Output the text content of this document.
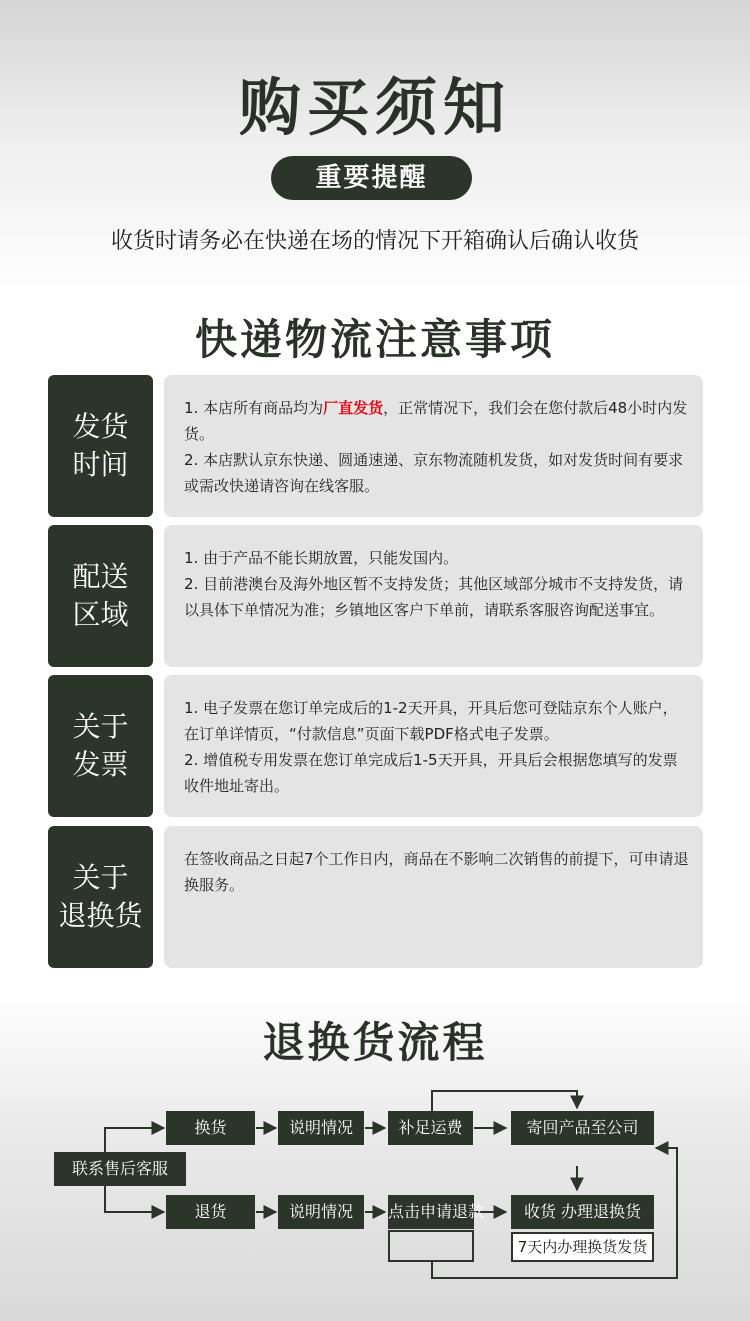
购买须知
重要提醒
收货时请务必在快递在场的情况下开箱确认后确认收货
快递物流注意事项
发货
时间

1. 本店所有商品均为厂直发货，正常情况下，我们会在您付款后48小时内发货。

2. 本店默认京东快递、圆通速递、京东物流随机发货，如对发货时间有要求或需改快递请咨询在线客服。

配送
区域

1. 由于产品不能长期放置，只能发国内。

2. 目前港澳台及海外地区暂不支持发货；其他区域部分城市不支持发货，请以具体下单情况为准；乡镇地区客户下单前，请联系客服咨询配送事宜。

关于
发票

1. 电子发票在您订单完成后的1-2天开具，开具后您可登陆京东个人账户，在订单详情页，“付款信息”页面下载PDF格式电子发票。

2. 增值税专用发票在您订单完成后1-5天开具，开具后会根据您填写的发票收件地址寄出。

关于
退换货

在签收商品之日起7个工作日内，商品在不影响二次销售的前提下，可申请退换服务。

退换货流程
联系售后客服
换货
退货
说明情况
说明情况
补足运费
点击申请退款
寄回产品至公司
收货 办理退换货
7天内办理换货发货
